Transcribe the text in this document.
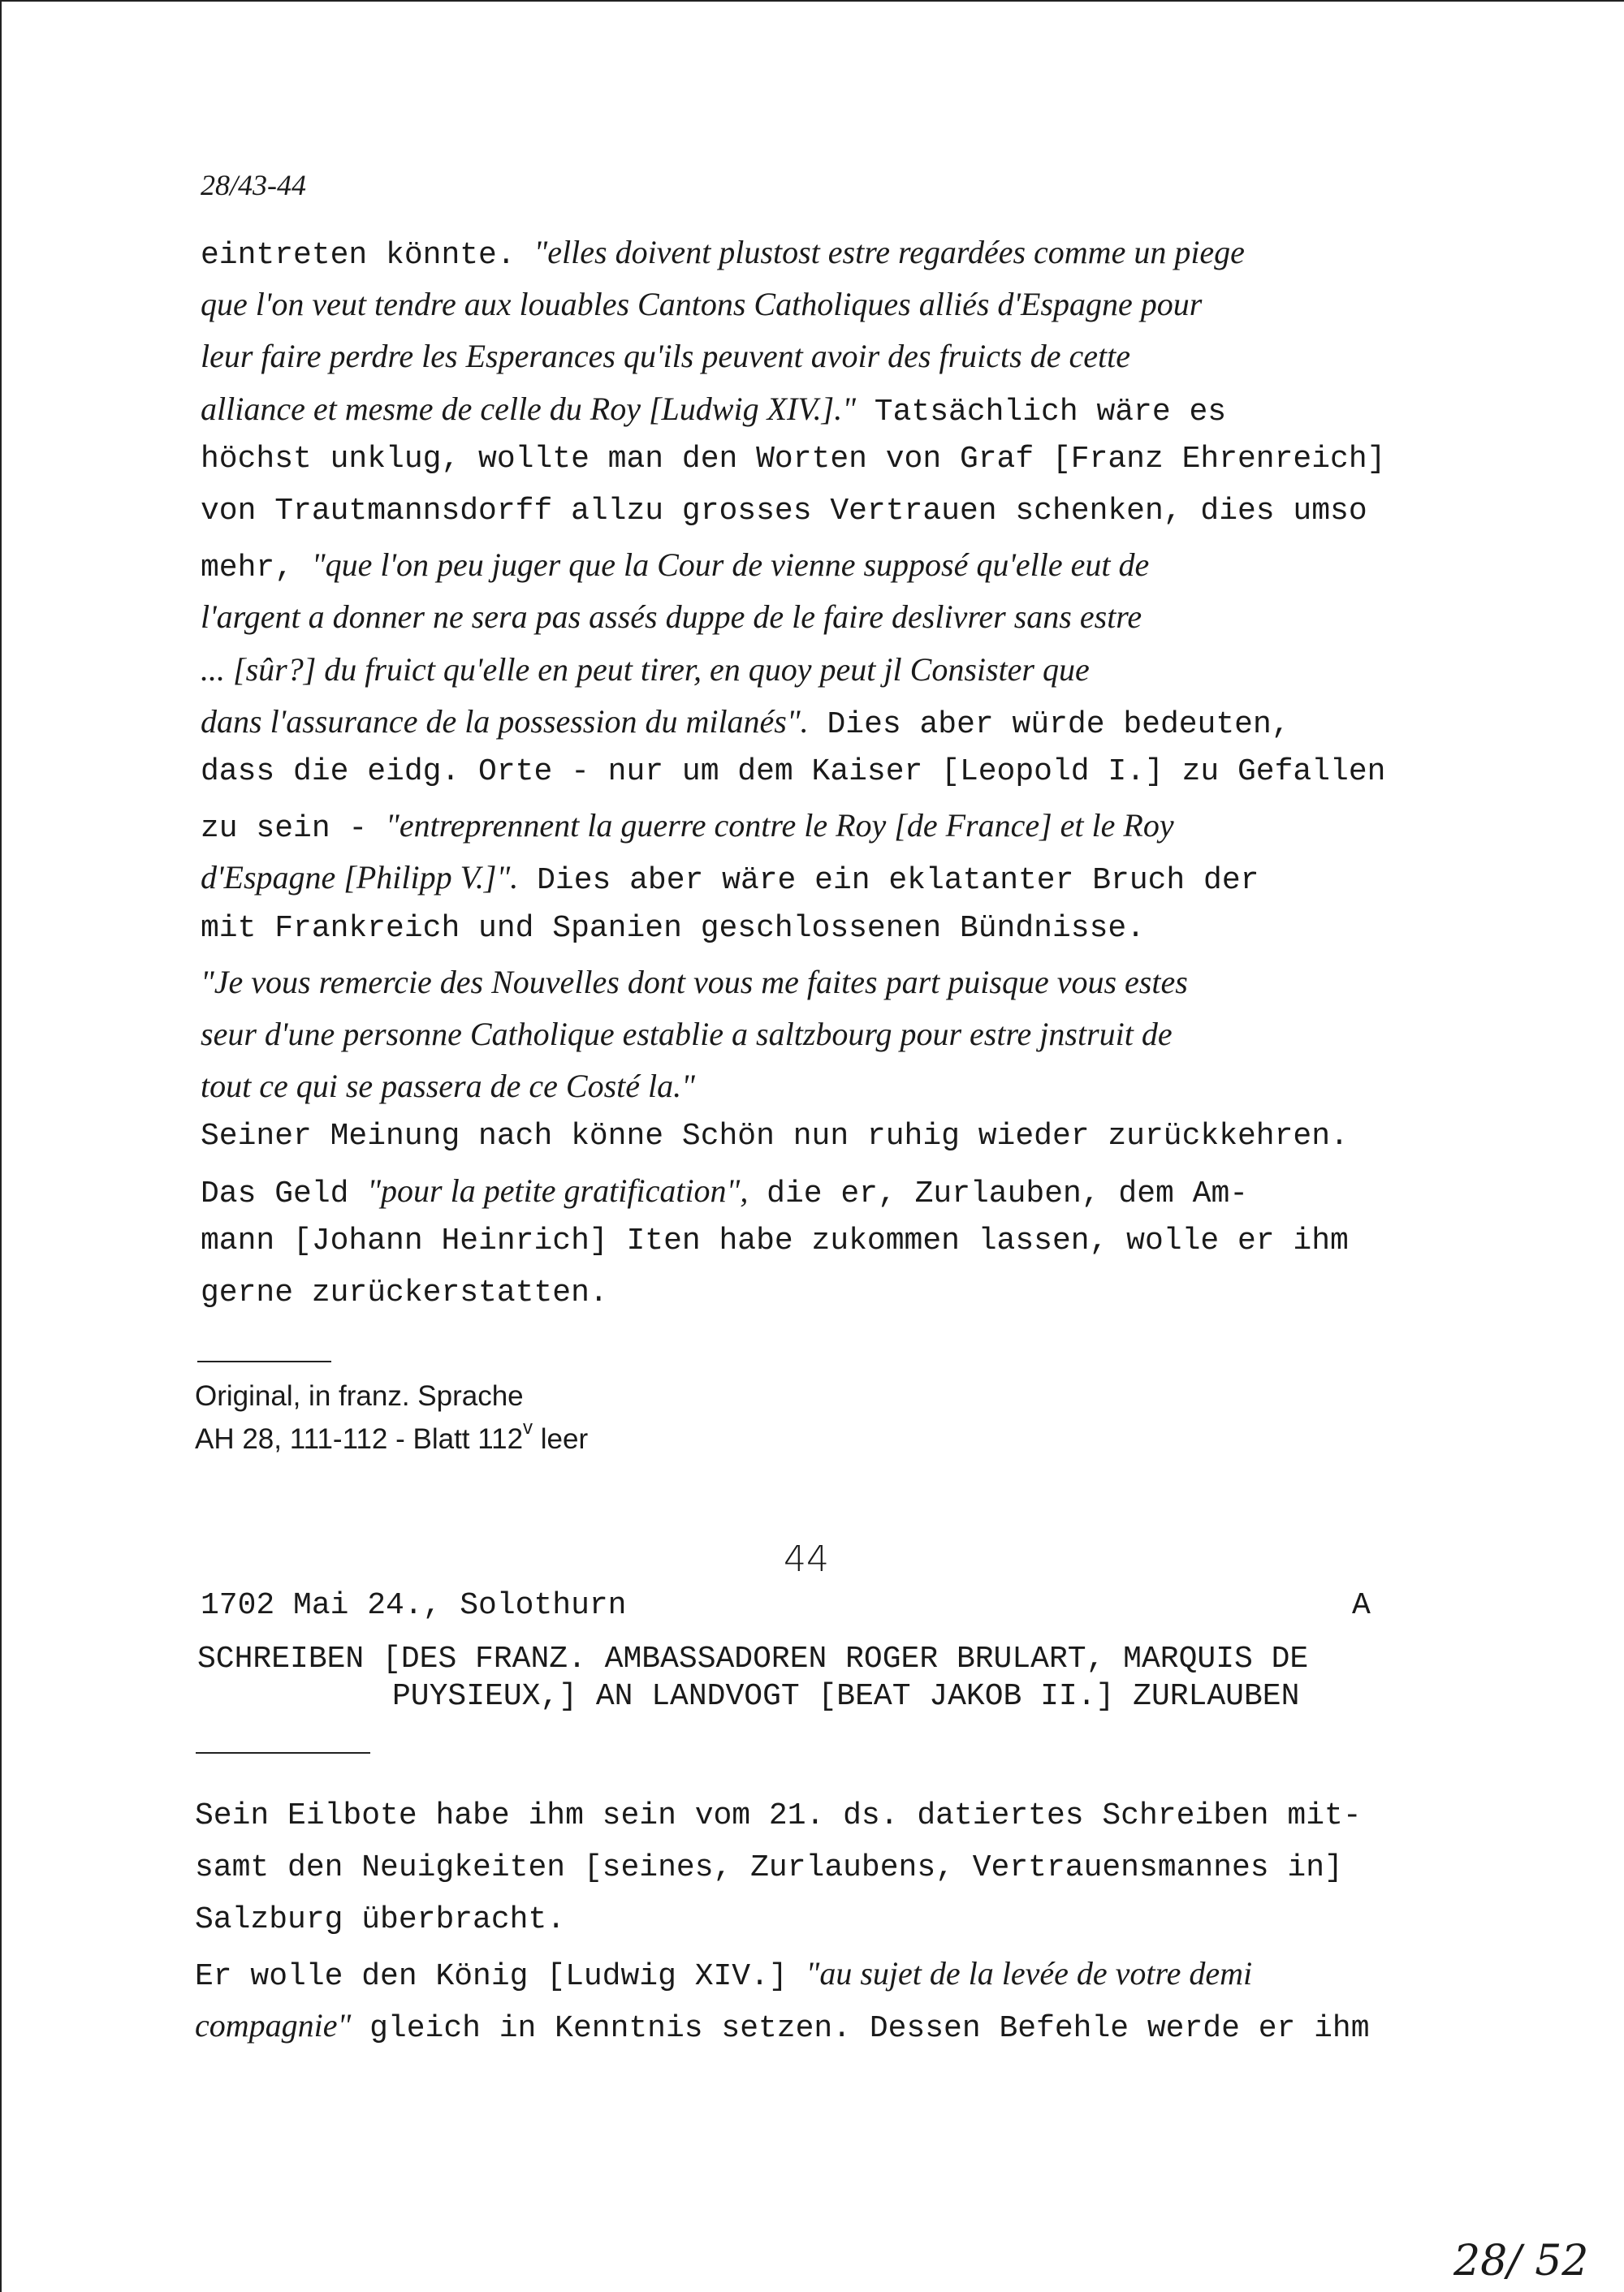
28/43-44
eintreten könnte. "elles doivent plustost estre regardées comme un piege
que l'on veut tendre aux louables Cantons Catholiques alliés d'Espagne pour
leur faire perdre les Esperances qu'ils peuvent avoir des fruicts de cette
alliance et mesme de celle du Roy [Ludwig XIV.]." Tatsächlich wäre es
höchst unklug, wollte man den Worten von Graf [Franz Ehrenreich]
von Trautmannsdorff allzu grosses Vertrauen schenken, dies umso
mehr, "que l'on peu juger que la Cour de vienne supposé qu'elle eut de
l'argent a donner ne sera pas assés duppe de le faire deslivrer sans estre
... [sûr?] du fruict qu'elle en peut tirer, en quoy peut jl Consister que
dans l'assurance de la possession du milanés". Dies aber würde bedeuten,
dass die eidg. Orte - nur um dem Kaiser [Leopold I.] zu Gefallen
zu sein - "entreprennent la guerre contre le Roy [de France] et le Roy
d'Espagne [Philipp V.]". Dies aber wäre ein eklatanter Bruch der
mit Frankreich und Spanien geschlossenen Bündnisse.
"Je vous remercie des Nouvelles dont vous me faites part puisque vous estes
seur d'une personne Catholique establie a saltzbourg pour estre jnstruit de
tout ce qui se passera de ce Costé la."
Seiner Meinung nach könne Schön nun ruhig wieder zurückkehren.
Das Geld "pour la petite gratification", die er, Zurlauben, dem Am-
mann [Johann Heinrich] Iten habe zukommen lassen, wolle er ihm
gerne zurückerstatten.
Original, in franz. Sprache
AH 28, 111-112 - Blatt 112$^v$ leer
44
1702 Mai 24., Solothurn	A
SCHREIBEN [DES FRANZ. AMBASSADOREN ROGER BRULART, MARQUIS DE
PUYSIEUX,] AN LANDVOGT [BEAT JAKOB II.] ZURLAUBEN
Sein Eilbote habe ihm sein vom 21. ds. datiertes Schreiben mit-
samt den Neuigkeiten [seines, Zurlaubens, Vertrauensmannes in]
Salzburg überbracht.
Er wolle den König [Ludwig XIV.] "au sujet de la levée de votre demi
compagnie" gleich in Kenntnis setzen. Dessen Befehle werde er ihm
28/ 52
